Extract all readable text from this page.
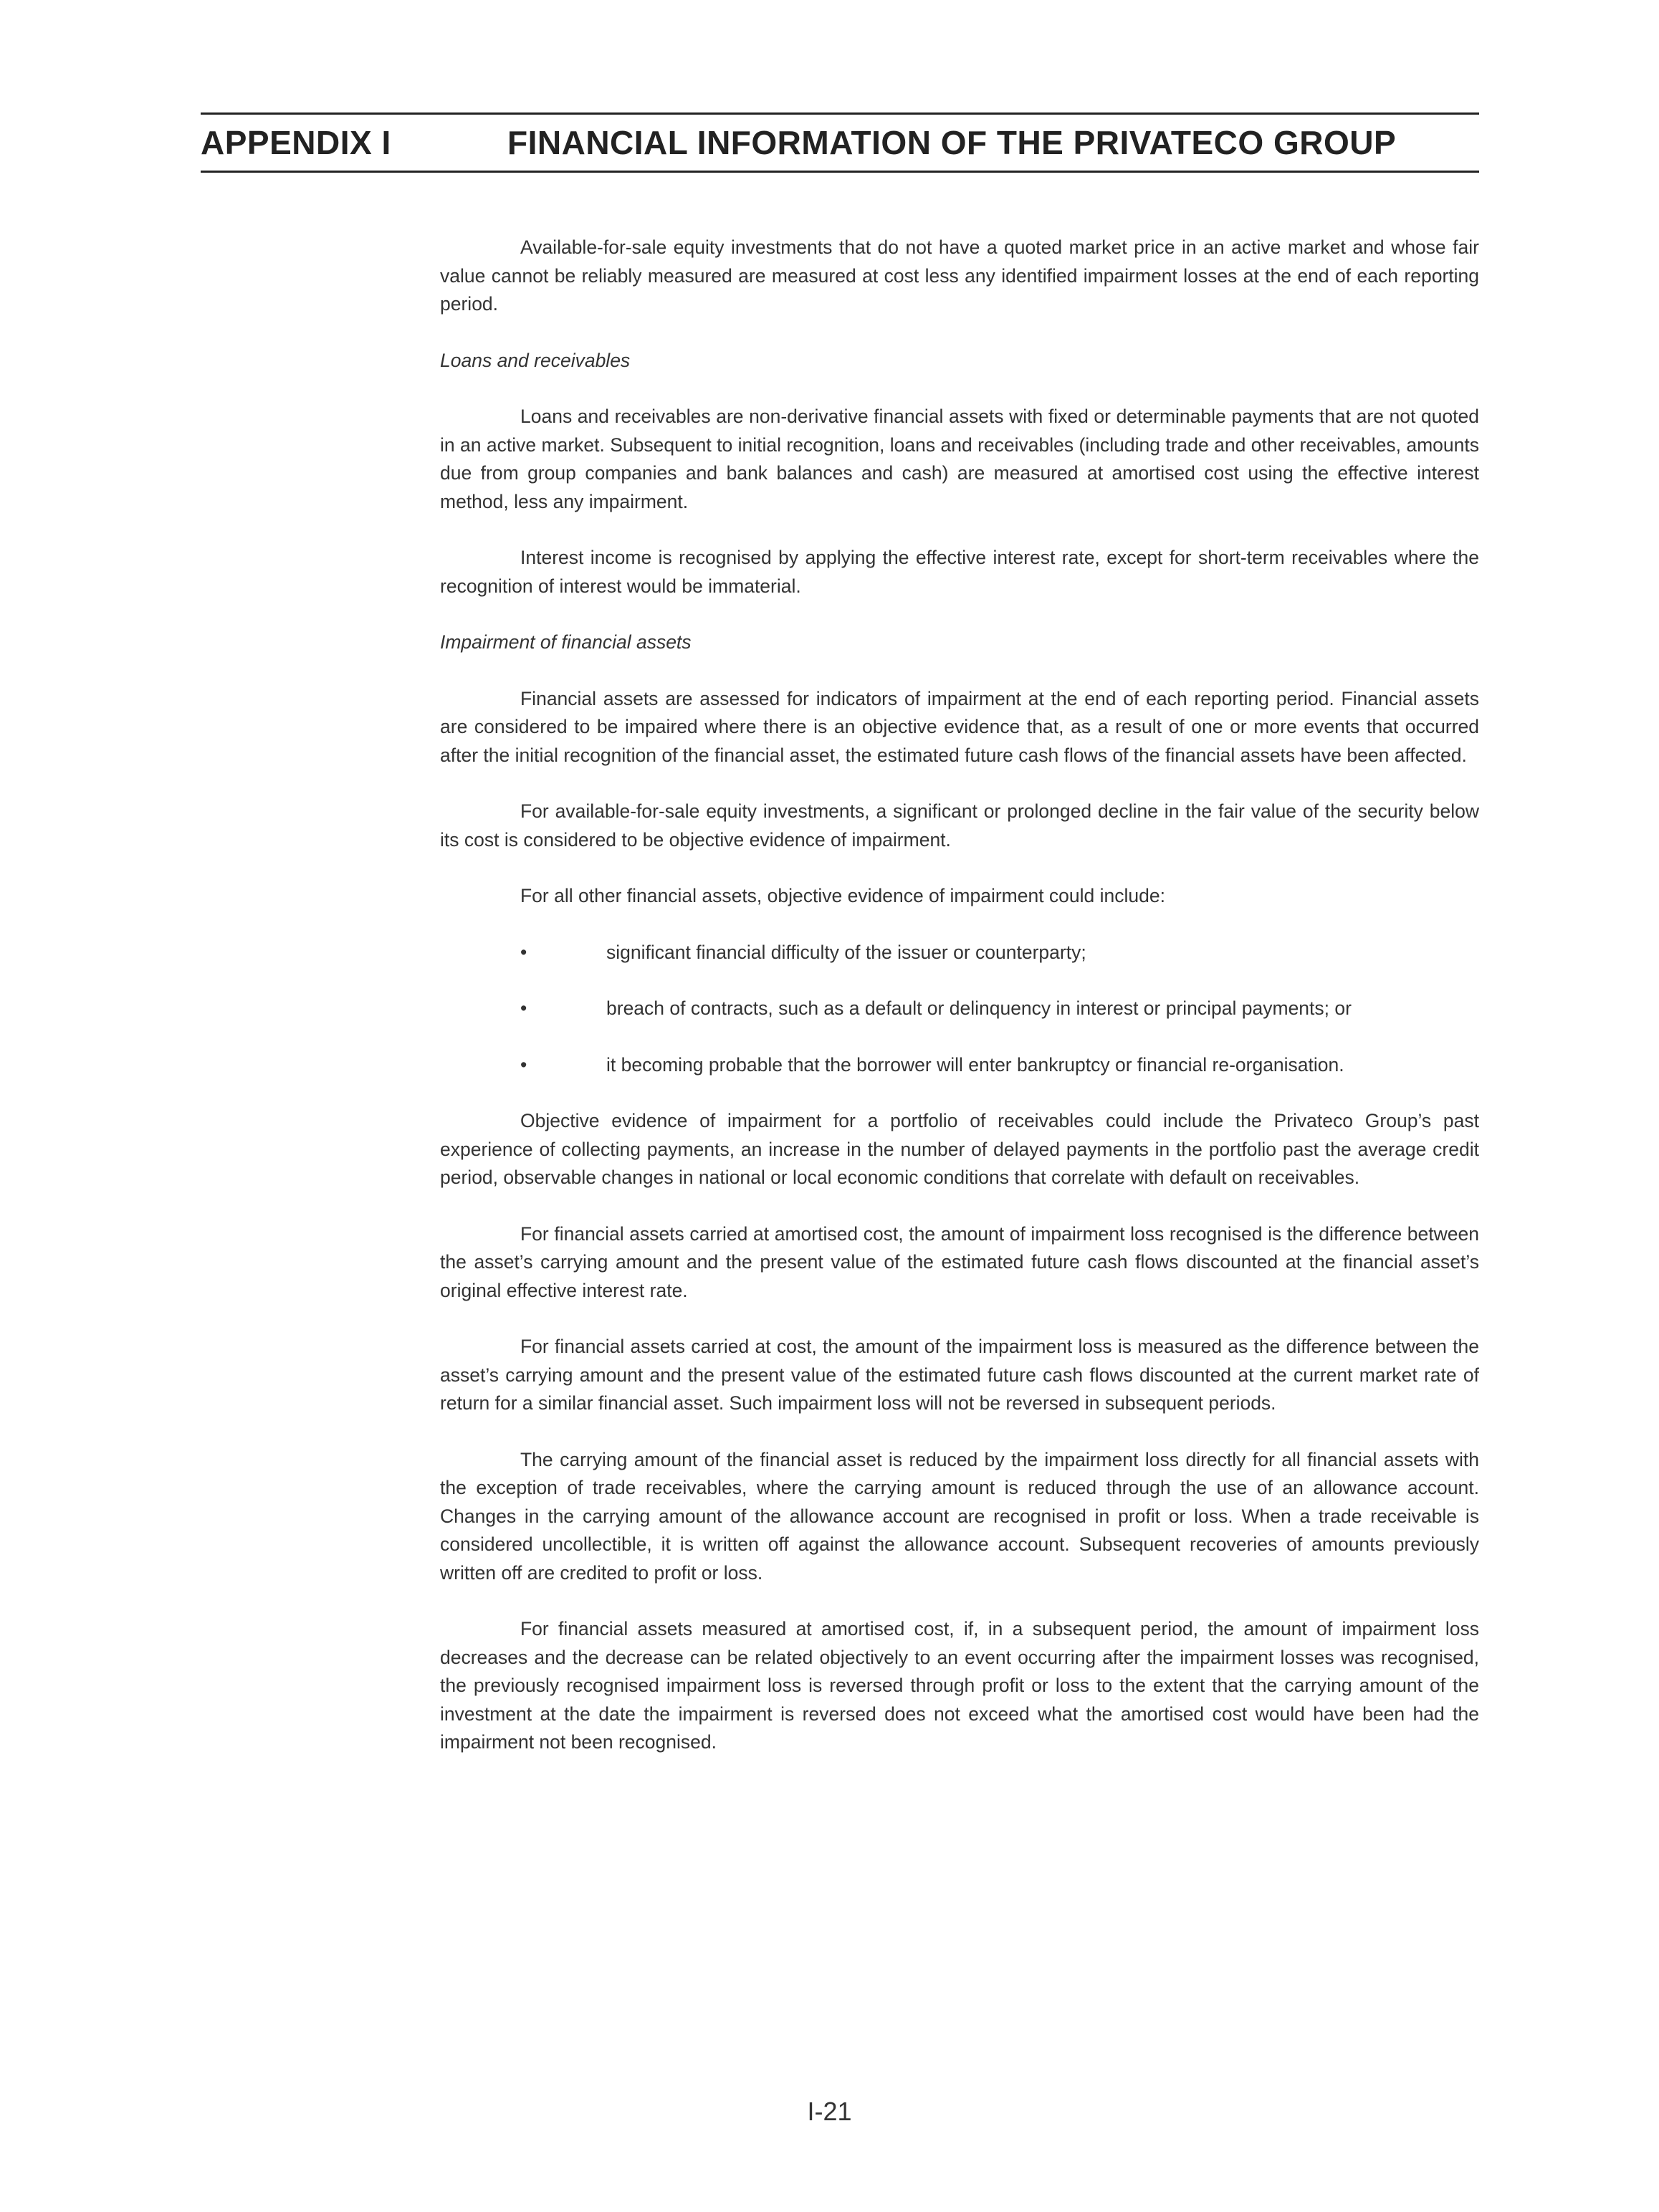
APPENDIX I	FINANCIAL INFORMATION OF THE PRIVATECO GROUP

Available-for-sale equity investments that do not have a quoted market price in an active market and whose fair value cannot be reliably measured are measured at cost less any identified impairment losses at the end of each reporting period.

Loans and receivables

Loans and receivables are non-derivative financial assets with fixed or determinable payments that are not quoted in an active market. Subsequent to initial recognition, loans and receivables (including trade and other receivables, amounts due from group companies and bank balances and cash) are measured at amortised cost using the effective interest method, less any impairment.

Interest income is recognised by applying the effective interest rate, except for short-term receivables where the recognition of interest would be immaterial.

Impairment of financial assets

Financial assets are assessed for indicators of impairment at the end of each reporting period. Financial assets are considered to be impaired where there is an objective evidence that, as a result of one or more events that occurred after the initial recognition of the financial asset, the estimated future cash flows of the financial assets have been affected.

For available-for-sale equity investments, a significant or prolonged decline in the fair value of the security below its cost is considered to be objective evidence of impairment.

For all other financial assets, objective evidence of impairment could include:

•	significant financial difficulty of the issuer or counterparty;
•	breach of contracts, such as a default or delinquency in interest or principal payments; or
•	it becoming probable that the borrower will enter bankruptcy or financial re-organisation.

Objective evidence of impairment for a portfolio of receivables could include the Privateco Group’s past experience of collecting payments, an increase in the number of delayed payments in the portfolio past the average credit period, observable changes in national or local economic conditions that correlate with default on receivables.

For financial assets carried at amortised cost, the amount of impairment loss recognised is the difference between the asset’s carrying amount and the present value of the estimated future cash flows discounted at the financial asset’s original effective interest rate.

For financial assets carried at cost, the amount of the impairment loss is measured as the difference between the asset’s carrying amount and the present value of the estimated future cash flows discounted at the current market rate of return for a similar financial asset. Such impairment loss will not be reversed in subsequent periods.

The carrying amount of the financial asset is reduced by the impairment loss directly for all financial assets with the exception of trade receivables, where the carrying amount is reduced through the use of an allowance account. Changes in the carrying amount of the allowance account are recognised in profit or loss. When a trade receivable is considered uncollectible, it is written off against the allowance account. Subsequent recoveries of amounts previously written off are credited to profit or loss.

For financial assets measured at amortised cost, if, in a subsequent period, the amount of impairment loss decreases and the decrease can be related objectively to an event occurring after the impairment losses was recognised, the previously recognised impairment loss is reversed through profit or loss to the extent that the carrying amount of the investment at the date the impairment is reversed does not exceed what the amortised cost would have been had the impairment not been recognised.

I-21
